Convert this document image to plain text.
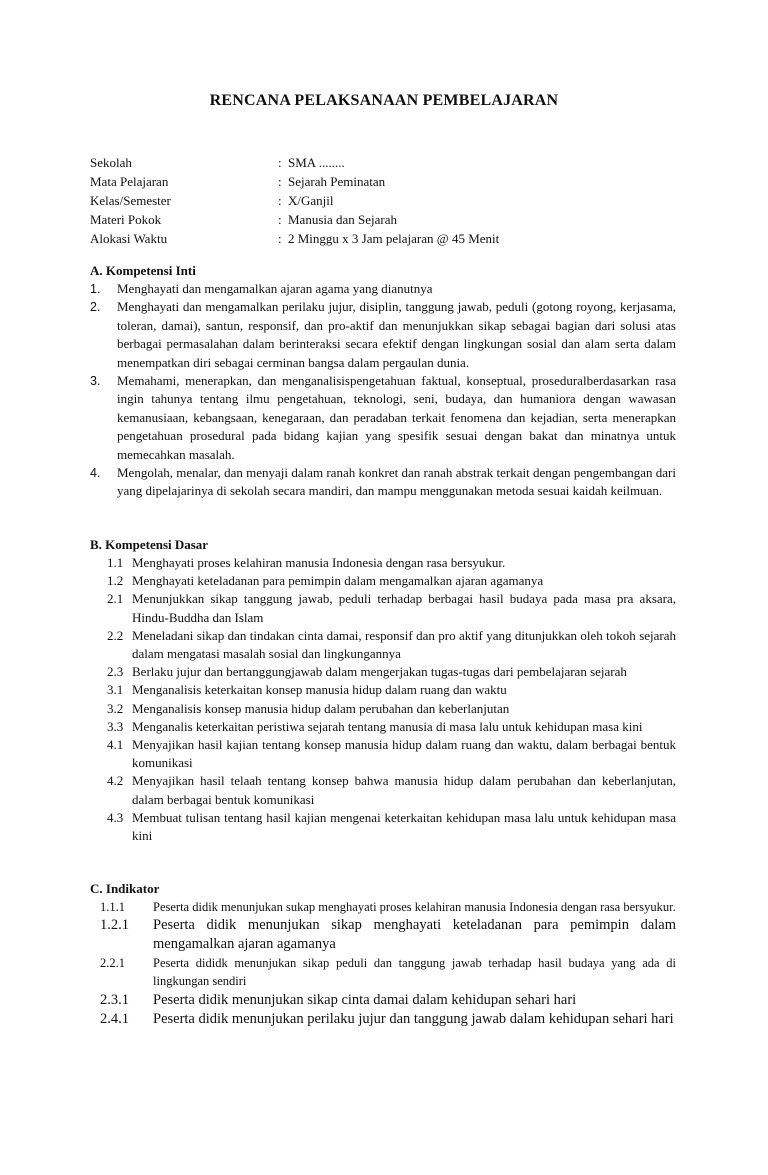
RENCANA PELAKSANAAN PEMBELAJARAN
Sekolah	: SMA ........
Mata Pelajaran	: Sejarah Peminatan
Kelas/Semester	: X/Ganjil
Materi Pokok	: Manusia dan Sejarah
Alokasi Waktu	: 2 Minggu x 3 Jam pelajaran @ 45 Menit
A. Kompetensi Inti
1.	Menghayati dan mengamalkan ajaran agama yang dianutnya
2.	Menghayati dan mengamalkan perilaku jujur, disiplin, tanggung jawab, peduli (gotong royong, kerjasama, toleran, damai), santun, responsif, dan pro-aktif dan menunjukkan sikap sebagai bagian dari solusi atas berbagai permasalahan dalam berinteraksi secara efektif dengan lingkungan sosial dan alam serta dalam menempatkan diri sebagai cerminan bangsa dalam pergaulan dunia.
3.	Memahami, menerapkan, dan menganalisispengetahuan faktual, konseptual, proseduralberdasarkan rasa ingin tahunya tentang ilmu pengetahuan, teknologi, seni, budaya, dan humaniora dengan wawasan kemanusiaan, kebangsaan, kenegaraan, dan peradaban terkait fenomena dan kejadian, serta menerapkan pengetahuan prosedural pada bidang kajian yang spesifik sesuai dengan bakat dan minatnya untuk memecahkan masalah.
4.	Mengolah, menalar, dan menyaji dalam ranah konkret dan ranah abstrak terkait dengan pengembangan dari yang dipelajarinya di sekolah secara mandiri, dan mampu menggunakan metoda sesuai kaidah keilmuan.
B. Kompetensi Dasar
1.1 Menghayati proses kelahiran manusia Indonesia dengan rasa bersyukur.
1.2 Menghayati keteladanan para pemimpin dalam mengamalkan ajaran agamanya
2.1 Menunjukkan sikap tanggung jawab, peduli terhadap berbagai hasil budaya pada masa pra aksara, Hindu-Buddha dan Islam
2.2 Meneladani sikap dan tindakan cinta damai, responsif dan pro aktif yang ditunjukkan oleh tokoh sejarah dalam mengatasi masalah sosial dan lingkungannya
2.3 Berlaku jujur dan bertanggungjawab dalam mengerjakan tugas-tugas dari pembelajaran sejarah
3.1 Menganalisis keterkaitan konsep manusia hidup dalam ruang dan waktu
3.2 Menganalisis konsep manusia hidup dalam perubahan dan keberlanjutan
3.3 Menganalis keterkaitan peristiwa sejarah tentang manusia di masa lalu untuk kehidupan masa kini
4.1 Menyajikan hasil kajian tentang konsep manusia hidup dalam ruang dan waktu, dalam berbagai bentuk komunikasi
4.2 Menyajikan hasil telaah tentang konsep bahwa manusia hidup dalam perubahan dan keberlanjutan, dalam berbagai bentuk komunikasi
4.3 Membuat tulisan tentang hasil kajian mengenai keterkaitan kehidupan masa lalu untuk kehidupan masa kini
C. Indikator
1.1.1	Peserta didik menunjukan sukap menghayati proses kelahiran manusia Indonesia dengan rasa bersyukur.
1.2.1	Peserta didik menunjukan sikap menghayati keteladanan para pemimpin dalam mengamalkan ajaran agamanya
2.2.1	Peserta dididk menunjukan sikap peduli dan tanggung jawab terhadap hasil budaya yang ada di lingkungan sendiri
2.3.1	Peserta didik menunjukan sikap cinta damai dalam kehidupan sehari hari
2.4.1	Peserta didik menunjukan perilaku jujur dan tanggung jawab dalam kehidupan sehari hari
